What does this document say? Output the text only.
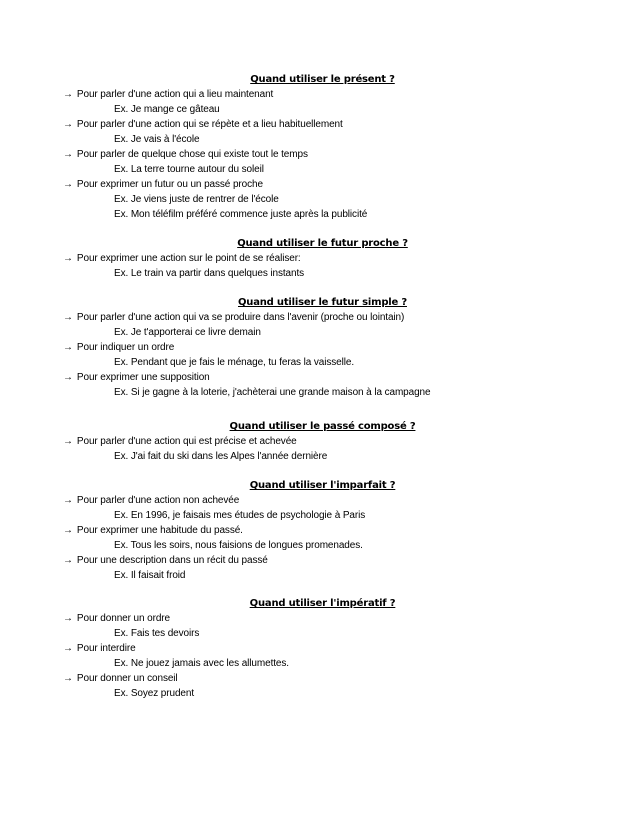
Quand utiliser le présent ?
→ Pour parler d'une action qui a lieu maintenant
Ex. Je mange ce gâteau
→ Pour parler d'une action qui se répète et a lieu habituellement
Ex. Je vais à l'école
→ Pour parler de quelque chose qui existe tout le temps
Ex. La terre tourne autour du soleil
→ Pour exprimer un futur ou un passé proche
Ex. Je viens juste de rentrer de l'école
Ex. Mon téléfilm préféré commence juste après la publicité
Quand utiliser le futur proche ?
→ Pour exprimer une action sur le point de se réaliser:
Ex. Le train va partir dans quelques instants
Quand utiliser le futur simple ?
→ Pour parler d'une action qui va se produire dans l'avenir (proche ou lointain)
Ex. Je t'apporterai ce livre demain
→ Pour indiquer un ordre
Ex. Pendant que je fais le ménage, tu feras la vaisselle.
→ Pour exprimer une supposition
Ex. Si je gagne à la loterie, j'achèterai une grande maison à la campagne
Quand utiliser le passé composé ?
→ Pour parler d'une action qui est précise et achevée
Ex. J'ai fait du ski dans les Alpes l'année dernière
Quand utiliser l'imparfait ?
→ Pour parler d'une action non achevée
Ex. En 1996, je faisais mes études de psychologie à Paris
→ Pour exprimer une habitude du passé.
Ex. Tous les soirs, nous faisions de longues promenades.
→ Pour une description dans un récit du passé
Ex. Il faisait froid
Quand utiliser l'impératif ?
→ Pour donner un ordre
Ex. Fais tes devoirs
→ Pour interdire
Ex. Ne jouez jamais avec les allumettes.
→ Pour donner un conseil
Ex. Soyez prudent
